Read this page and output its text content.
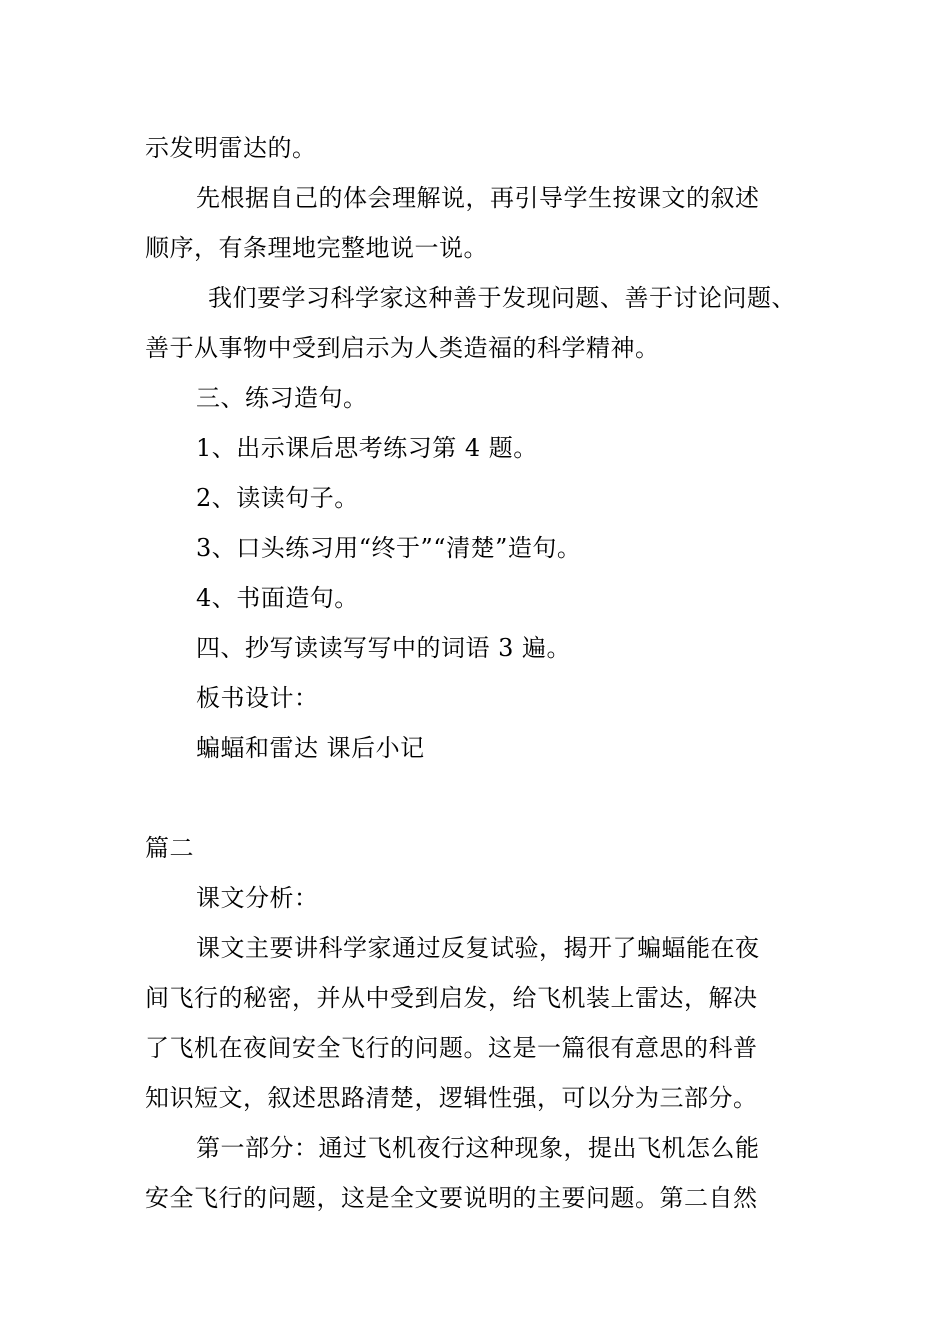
示发明雷达的。
先根据自己的体会理解说，再引导学生按课文的叙述
顺序，有条理地完整地说一说。
我们要学习科学家这种善于发现问题、善于讨论问题、
善于从事物中受到启示为人类造福的科学精神。
三、练习造句。
1、出示课后思考练习第 4 题。
2、读读句子。
3、口头练习用“终于”“清楚”造句。
4、书面造句。
四、抄写读读写写中的词语 3 遍。
板书设计：
蝙蝠和雷达 课后小记
篇二
课文分析：
课文主要讲科学家通过反复试验，揭开了蝙蝠能在夜
间飞行的秘密，并从中受到启发，给飞机装上雷达，解决
了飞机在夜间安全飞行的问题。这是一篇很有意思的科普
知识短文，叙述思路清楚，逻辑性强，可以分为三部分。
第一部分：通过飞机夜行这种现象，提出飞机怎么能
安全飞行的问题，这是全文要说明的主要问题。第二自然
